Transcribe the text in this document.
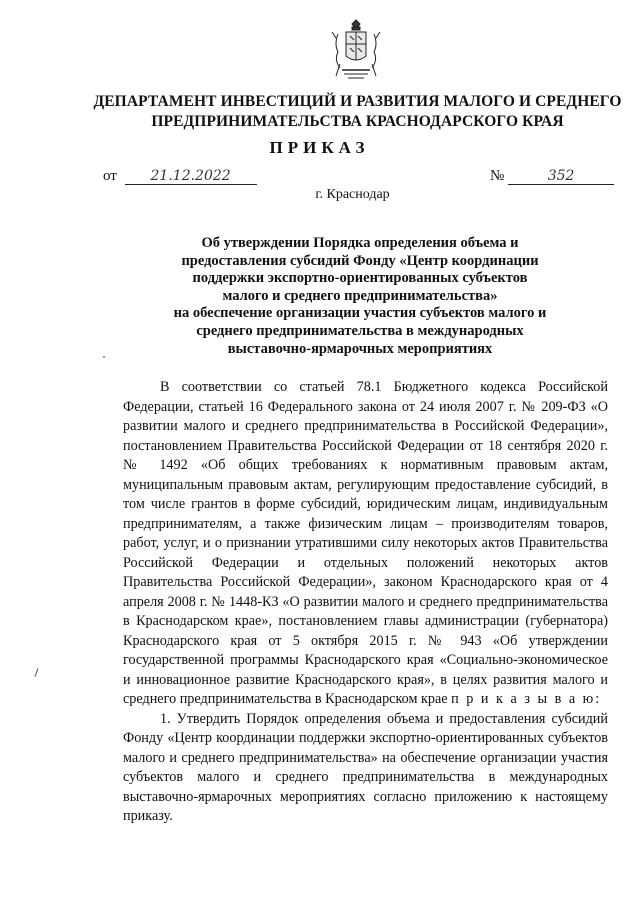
ДЕПАРТАМЕНТ ИНВЕСТИЦИЙ И РАЗВИТИЯ МАЛОГО И СРЕДНЕГО
ПРЕДПРИНИМАТЕЛЬСТВА КРАСНОДАРСКОГО КРАЯ
ПРИКАЗ
от 21.12.2022	№	352
г. Краснодар
Об утверждении Порядка определения объема и
предоставления субсидий Фонду «Центр координации
поддержки экспортно-ориентированных субъектов
малого и среднего предпринимательства»
на обеспечение организации участия субъектов малого и
среднего предпринимательства в международных
выставочно-ярмарочных мероприятиях

В соответствии со статьей 78.1 Бюджетного кодекса Российской Федерации, статьей 16 Федерального закона от 24 июля 2007 г. № 209-ФЗ «О развитии малого и среднего предпринимательства в Российской Федерации», постановлением Правительства Российской Федерации от 18 сентября 2020 г. № 1492 «Об общих требованиях к нормативным правовым актам, муниципальным правовым актам, регулирующим предоставление субсидий, в том числе грантов в форме субсидий, юридическим лицам, индивидуальным предпринимателям, а также физическим лицам – производителям товаров, работ, услуг, и о признании утратившими силу некоторых актов Правительства Российской Федерации и отдельных положений некоторых актов Правительства Российской Федерации», законом Краснодарского края от 4 апреля 2008 г. № 1448-КЗ «О развитии малого и среднего предпринимательства в Краснодарском крае», постановлением главы администрации (губернатора) Краснодарского края от 5 октября 2015 г. № 943 «Об утверждении государственной программы Краснодарского края «Социально-экономическое и инновационное развитие Краснодарского края», в целях развития малого и среднего предпринимательства в Краснодарском крае п р и к а з ы в а ю:

1. Утвердить Порядок определения объема и предоставления субсидий Фонду «Центр координации поддержки экспортно-ориентированных субъектов малого и среднего предпринимательства» на обеспечение организации участия субъектов малого и среднего предпринимательства в международных выставочно-ярмарочных мероприятиях согласно приложению к настоящему приказу.
